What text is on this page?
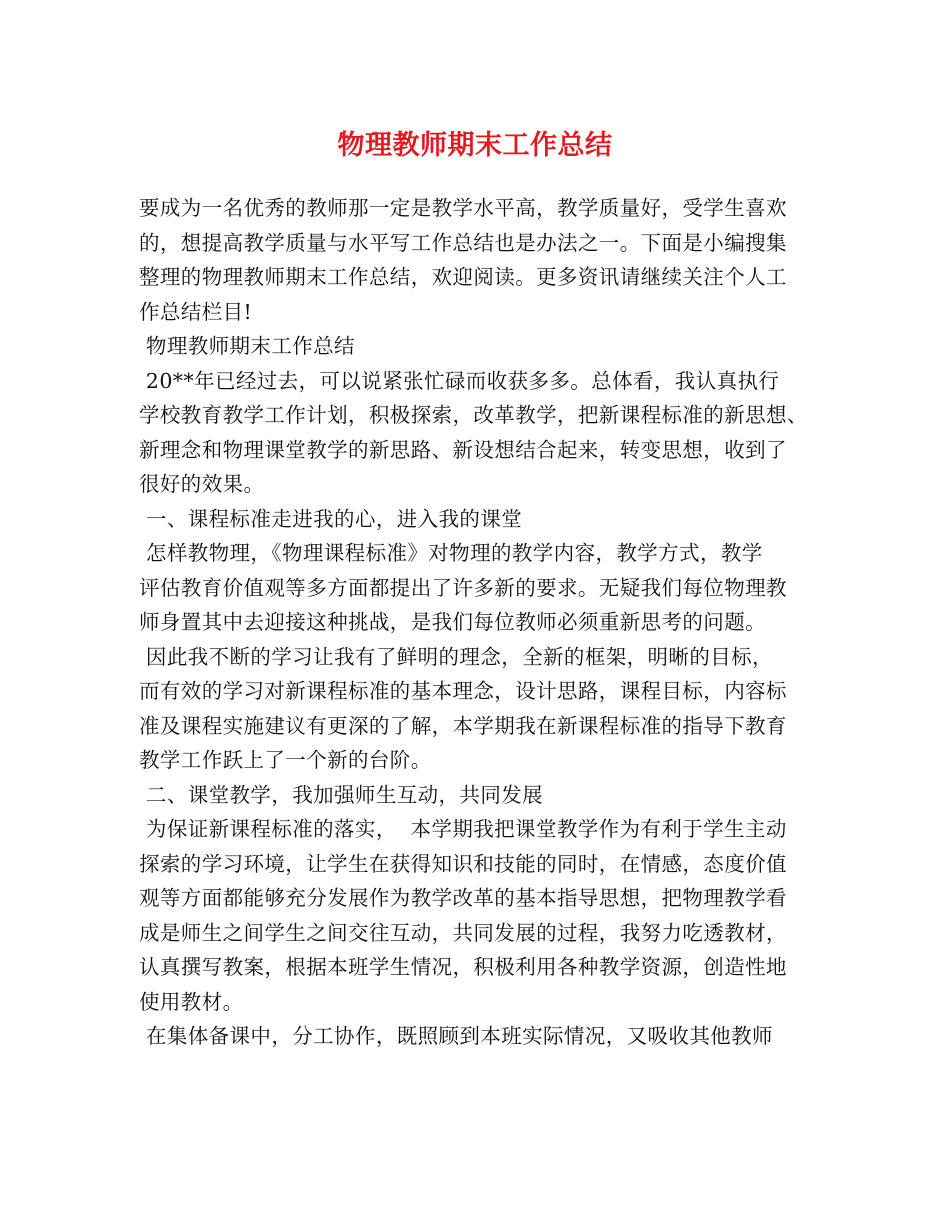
物理教师期末工作总结
要成为一名优秀的教师那一定是教学水平高，教学质量好，受学生喜欢
的，想提高教学质量与水平写工作总结也是办法之一。下面是小编搜集
整理的物理教师期末工作总结，欢迎阅读。更多资讯请继续关注个人工
作总结栏目!
物理教师期末工作总结
20**年已经过去，可以说紧张忙碌而收获多多。总体看，我认真执行
学校教育教学工作计划，积极探索，改革教学，把新课程标准的新思想、
新理念和物理课堂教学的新思路、新设想结合起来，转变思想，收到了
很好的效果。
一、课程标准走进我的心，进入我的课堂
怎样教物理，《物理课程标准》对物理的教学内容，教学方式，教学
评估教育价值观等多方面都提出了许多新的要求。无疑我们每位物理教
师身置其中去迎接这种挑战，是我们每位教师必须重新思考的问题。
因此我不断的学习让我有了鲜明的理念，全新的框架，明晰的目标，
而有效的学习对新课程标准的基本理念，设计思路，课程目标，内容标
准及课程实施建议有更深的了解，本学期我在新课程标准的指导下教育
教学工作跃上了一个新的台阶。
二、课堂教学，我加强师生互动，共同发展
为保证新课程标准的落实，  本学期我把课堂教学作为有利于学生主动
探索的学习环境，让学生在获得知识和技能的同时，在情感，态度价值
观等方面都能够充分发展作为教学改革的基本指导思想，把物理教学看
成是师生之间学生之间交往互动，共同发展的过程，我努力吃透教材，
认真撰写教案，根据本班学生情况，积极利用各种教学资源，创造性地
使用教材。
在集体备课中，分工协作，既照顾到本班实际情况，又吸收其他教师
